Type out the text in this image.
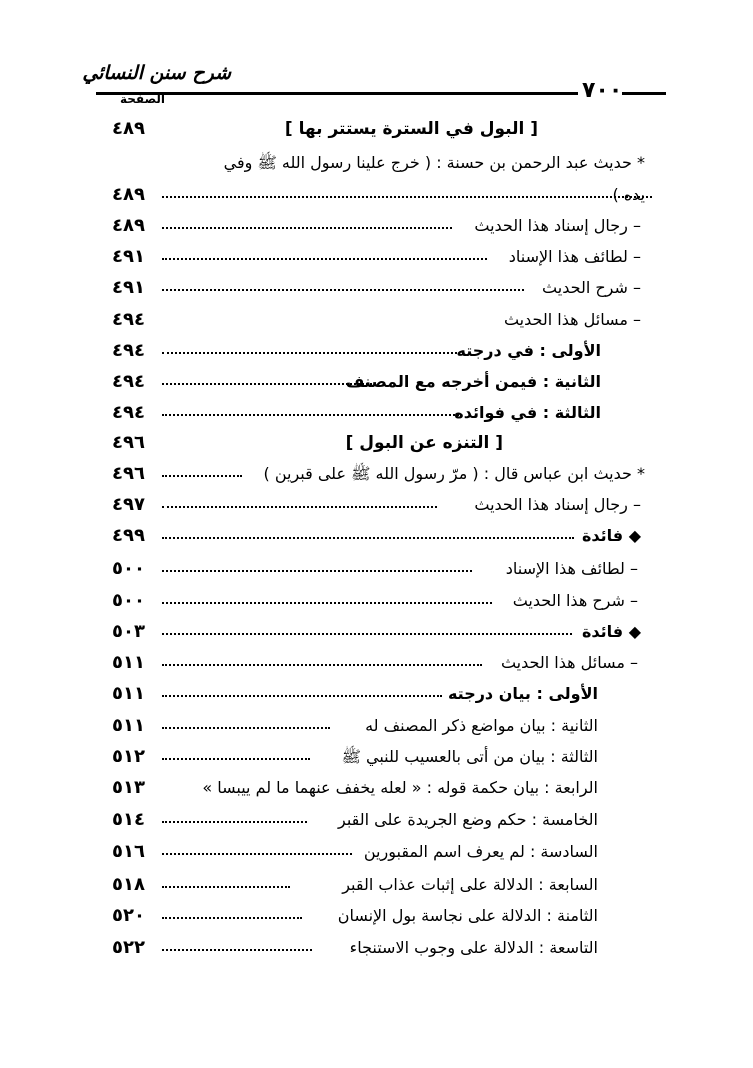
شرح سنن النسائي
٧٠٠
الصفحة
[ البول في السترة يستتر بها ]
٤٨٩
* حديث عبد الرحمن بن حسنة : ( خرج علينا رسول الله ﷺ وفي
يده )
٤٨٩
– رجال إسناد هذا الحديث
٤٨٩
– لطائف هذا الإسناد
٤٩١
– شرح الحديث
٤٩١
– مسائل هذا الحديث
٤٩٤
الأولى : في درجته
٤٩٤
الثانية : فيمن أخرجه مع المصنف
٤٩٤
الثالثة : في فوائده
٤٩٤
[ التنزه عن البول ]
٤٩٦
* حديث ابن عباس قال : ( مرّ رسول الله ﷺ على قبرين )
٤٩٦
– رجال إسناد هذا الحديث
٤٩٧
◆ فائدة
٤٩٩
– لطائف هذا الإسناد
٥٠٠
– شرح هذا الحديث
٥٠٠
◆ فائدة
٥٠٣
– مسائل هذا الحديث
٥١١
الأولى : بيان درجته
٥١١
الثانية : بيان مواضع ذكر المصنف له
٥١١
الثالثة : بيان من أتى بالعسيب للنبي ﷺ
٥١٢
الرابعة : بيان حكمة قوله : « لعله يخفف عنهما ما لم ييبسا »
٥١٣
الخامسة : حكم وضع الجريدة على القبر
٥١٤
السادسة : لم يعرف اسم المقبورين
٥١٦
السابعة : الدلالة على إثبات عذاب القبر
٥١٨
الثامنة : الدلالة على نجاسة بول الإنسان
٥٢٠
التاسعة : الدلالة على وجوب الاستنجاء
٥٢٢
